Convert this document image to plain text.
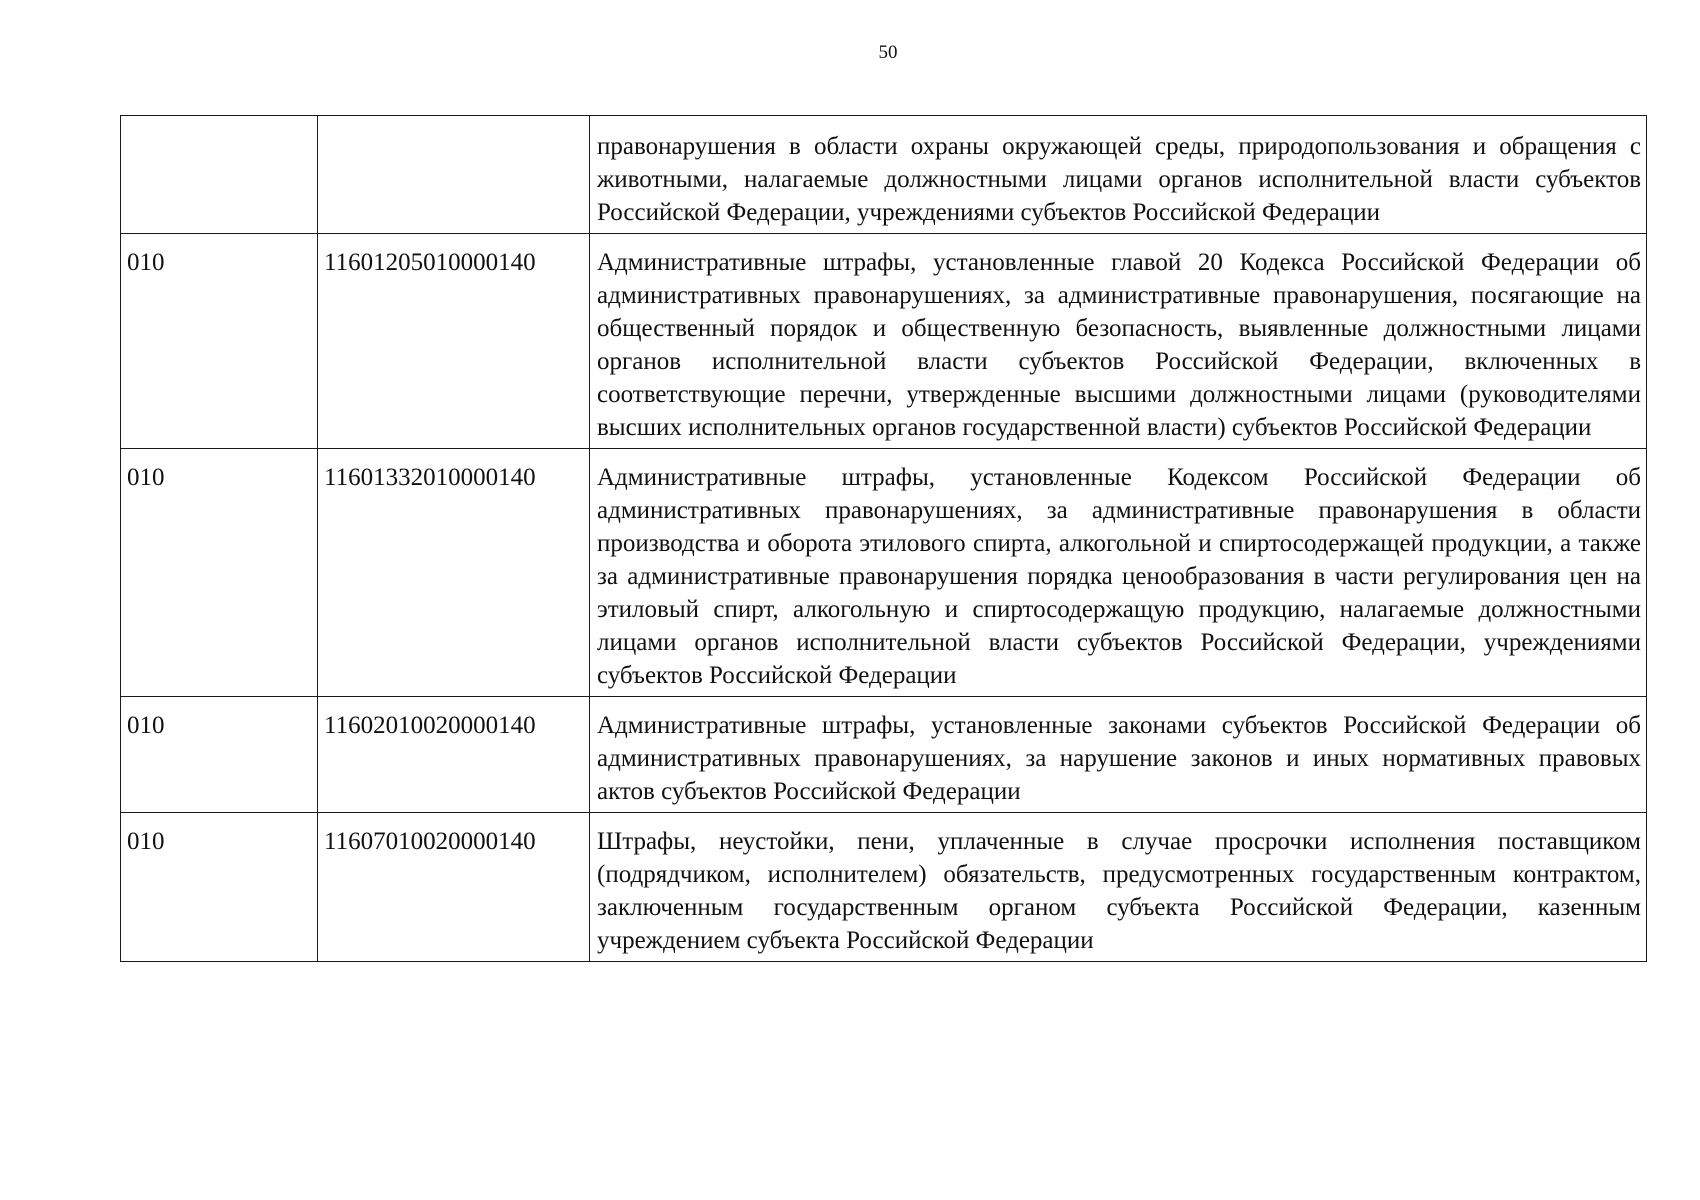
50
		правонарушения в области охраны окружающей среды, природопользования и обращения с животными, налагаемые должностными лицами органов исполнительной власти субъектов Российской Федерации, учреждениями субъектов Российской Федерации
010	11601205010000140	Административные штрафы, установленные главой 20 Кодекса Российской Федерации об административных правонарушениях, за административные правонарушения, посягающие на общественный порядок и общественную безопасность, выявленные должностными лицами органов исполнительной власти субъектов Российской Федерации, включенных в соответствующие перечни, утвержденные высшими должностными лицами (руководителями высших исполнительных органов государственной власти) субъектов Российской Федерации
010	11601332010000140	Административные штрафы, установленные Кодексом Российской Федерации об административных правонарушениях, за административные правонарушения в области производства и оборота этилового спирта, алкогольной и спиртосодержащей продукции, а также за административные правонарушения порядка ценообразования в части регулирования цен на этиловый спирт, алкогольную и спиртосодержащую продукцию, налагаемые должностными лицами органов исполнительной власти субъектов Российской Федерации, учреждениями субъектов Российской Федерации
010	11602010020000140	Административные штрафы, установленные законами субъектов Российской Федерации об административных правонарушениях, за нарушение законов и иных нормативных правовых актов субъектов Российской Федерации
010	11607010020000140	Штрафы, неустойки, пени, уплаченные в случае просрочки исполнения поставщиком (подрядчиком, исполнителем) обязательств, предусмотренных государственным контрактом, заключенным государственным органом субъекта Российской Федерации, казенным учреждением субъекта Российской Федерации
